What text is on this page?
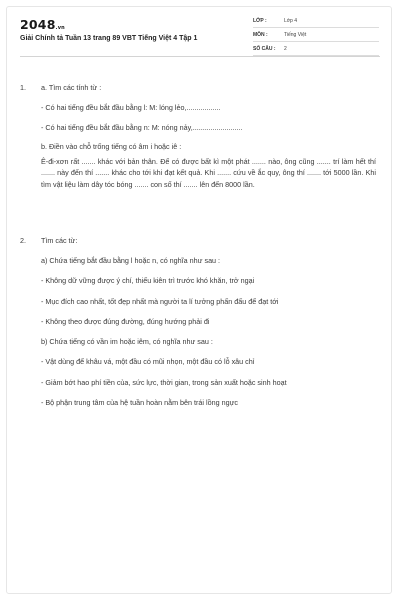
2048.vn
Giải Chính tả Tuần 13 trang 89 VBT Tiếng Việt 4 Tập 1
LỚP :	Lớp 4
MÔN :	Tiếng Việt
SỐ CÂU : 2
1. a. Tìm các tính từ :
- Có hai tiếng đều bắt đầu bằng l: M: lóng lẻo,.................
- Có hai tiếng đều bắt đầu bằng n: M: nóng nảy,.........................
b. Điền vào chỗ trống tiếng có âm i hoặc iê :
Ê-đi-xơn rất ....... khác với bản thân. Để có được bất kì một phát ....... nào, ông cũng ....... trí làm hết thí ....... này đến thí ....... khác cho tới khi đạt kết quả. Khi ....... cứu về ắc quy, ông thí ....... tới 5000 lần. Khi tìm vật liệu làm dây tóc bóng ....... con số thí ....... lên đến 8000 lần.
2. Tìm các từ:
a) Chứa tiếng bắt đầu bằng l hoặc n, có nghĩa như sau :
- Không dữ vững được ý chí, thiếu kiên trì trước khó khăn, trở ngại
- Mục đích cao nhất, tốt đẹp nhất mà người ta lí tưởng phấn đấu để đạt tới
- Không theo được đúng đường, đúng hướng phải đi
b) Chứa tiếng có vần im hoặc iêm, có nghĩa như sau :
- Vật dùng để khâu vá, một đầu có mũi nhọn, một đầu có lỗ xâu chỉ
- Giảm bớt hao phí tiền của, sức lực, thời gian, trong sản xuất hoặc sinh hoạt
- Bộ phận trung tâm của hệ tuần hoàn nằm bên trái lồng ngực
